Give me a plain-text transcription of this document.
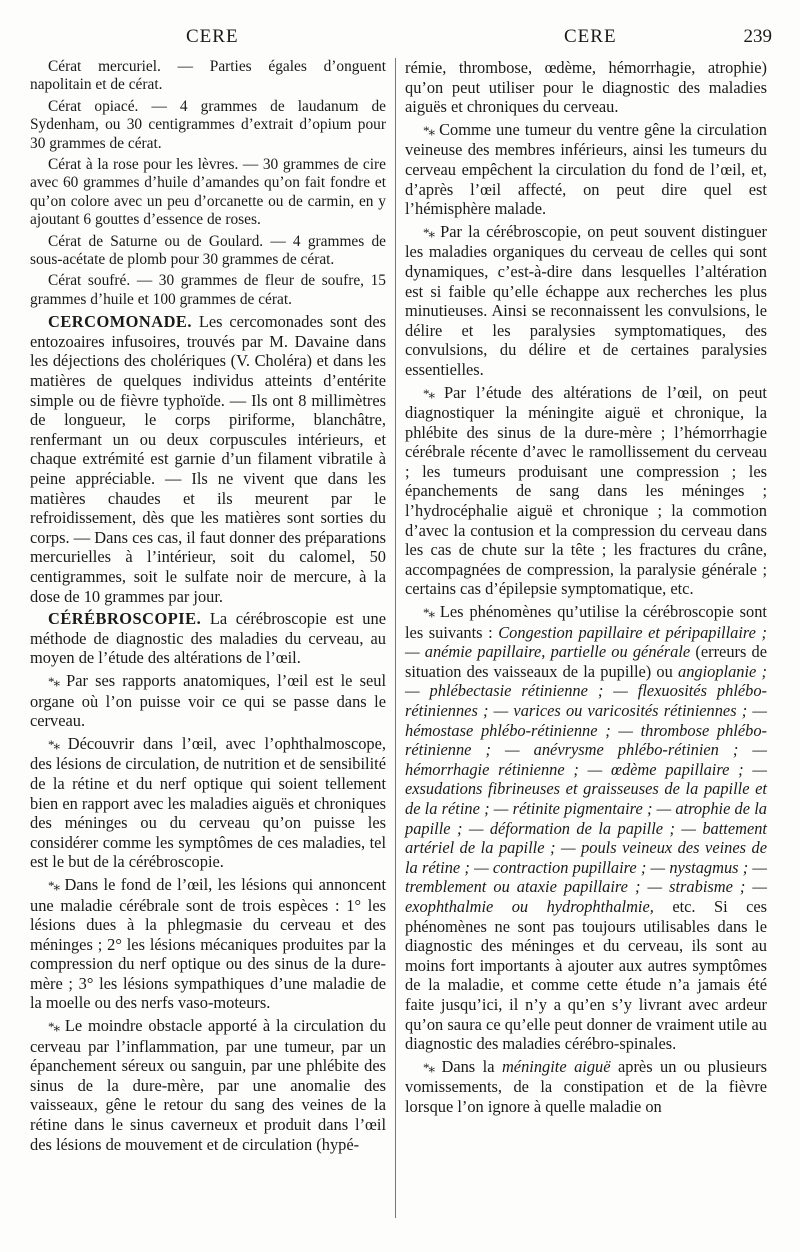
CERE	CERE	239

Cérat mercuriel. — Parties égales d’onguent napolitain et de cérat.

Cérat opiacé. — 4 grammes de laudanum de Sydenham, ou 30 centigrammes d’extrait d’opium pour 30 grammes de cérat.

Cérat à la rose pour les lèvres. — 30 grammes de cire avec 60 grammes d’huile d’amandes qu’on fait fondre et qu’on colore avec un peu d’orcanette ou de carmin, en y ajoutant 6 gouttes d’essence de roses.

Cérat de Saturne ou de Goulard. — 4 grammes de sous-acétate de plomb pour 30 grammes de cérat.

Cérat soufré. — 30 grammes de fleur de soufre, 15 grammes d’huile et 100 grammes de cérat.

CERCOMONADE. Les cercomonades sont des entozoaires infusoires, trouvés par M. Davaine dans les déjections des cholériques (V. Choléra) et dans les matières de quelques individus atteints d’entérite simple ou de fièvre typhoïde. — Ils ont 8 millimètres de longueur, le corps piriforme, blanchâtre, renfermant un ou deux corpuscules intérieurs, et chaque extrémité est garnie d’un filament vibratile à peine appréciable. — Ils ne vivent que dans les matières chaudes et ils meurent par le refroidissement, dès que les matières sont sorties du corps. — Dans ces cas, il faut donner des préparations mercurielles à l’intérieur, soit du calomel, 50 centigrammes, soit le sulfate noir de mercure, à la dose de 10 grammes par jour.

CÉRÉBROSCOPIE. La cérébroscopie est une méthode de diagnostic des maladies du cerveau, au moyen de l’étude des altérations de l’œil.

*⁎ Par ses rapports anatomiques, l’œil est le seul organe où l’on puisse voir ce qui se passe dans le cerveau.

*⁎ Découvrir dans l’œil, avec l’ophthalmoscope, des lésions de circulation, de nutrition et de sensibilité de la rétine et du nerf optique qui soient tellement bien en rapport avec les maladies aiguës et chroniques des méninges ou du cerveau qu’on puisse les considérer comme les symptômes de ces maladies, tel est le but de la cérébroscopie.

*⁎ Dans le fond de l’œil, les lésions qui annoncent une maladie cérébrale sont de trois espèces : 1° les lésions dues à la phlegmasie du cerveau et des méninges ; 2° les lésions mécaniques produites par la compression du nerf optique ou des sinus de la dure-mère ; 3° les lésions sympathiques d’une maladie de la moelle ou des nerfs vaso-moteurs.

*⁎ Le moindre obstacle apporté à la circulation du cerveau par l’inflammation, par une tumeur, par un épanchement séreux ou sanguin, par une phlébite des sinus de la dure-mère, par une anomalie des vaisseaux, gêne le retour du sang des veines de la rétine dans le sinus caverneux et produit dans l’œil des lésions de mouvement et de circulation (hypé-

rémie, thrombose, œdème, hémorrhagie, atrophie) qu’on peut utiliser pour le diagnostic des maladies aiguës et chroniques du cerveau.

*⁎ Comme une tumeur du ventre gêne la circulation veineuse des membres inférieurs, ainsi les tumeurs du cerveau empêchent la circulation du fond de l’œil, et, d’après l’œil affecté, on peut dire quel est l’hémisphère malade.

*⁎ Par la cérébroscopie, on peut souvent distinguer les maladies organiques du cerveau de celles qui sont dynamiques, c’est-à-dire dans lesquelles l’altération est si faible qu’elle échappe aux recherches les plus minutieuses. Ainsi se reconnaissent les convulsions, le délire et les paralysies symptomatiques, des convulsions, du délire et de certaines paralysies essentielles.

*⁎ Par l’étude des altérations de l’œil, on peut diagnostiquer la méningite aiguë et chronique, la phlébite des sinus de la dure-mère ; l’hémorrhagie cérébrale récente d’avec le ramollissement du cerveau ; les tumeurs produisant une compression ; les épanchements de sang dans les méninges ; l’hydrocéphalie aiguë et chronique ; la commotion d’avec la contusion et la compression du cerveau dans les cas de chute sur la tête ; les fractures du crâne, accompagnées de compression, la paralysie générale ; certains cas d’épilepsie symptomatique, etc.

*⁎ Les phénomènes qu’utilise la cérébroscopie sont les suivants : Congestion papillaire et péripapillaire ; — anémie papillaire, partielle ou générale (erreurs de situation des vaisseaux de la pupille) ou angioplanie ; — phlébectasie rétinienne ; — flexuosités phlébo-rétiniennes ; — varices ou varicosités rétiniennes ; — hémostase phlébo-rétinienne ; — thrombose phlébo-rétinienne ; — anévrysme phlébo-rétinien ; — hémorrhagie rétinienne ; — œdème papillaire ; — exsudations fibrineuses et graisseuses de la papille et de la rétine ; — rétinite pigmentaire ; — atrophie de la papille ; — déformation de la papille ; — battement artériel de la papille ; — pouls veineux des veines de la rétine ; — contraction pupillaire ; — nystagmus ; — tremblement ou ataxie papillaire ; — strabisme ; — exophthalmie ou hydrophthalmie, etc. Si ces phénomènes ne sont pas toujours utilisables dans le diagnostic des méninges et du cerveau, ils sont au moins fort importants à ajouter aux autres symptômes de la maladie, et comme cette étude n’a jamais été faite jusqu’ici, il n’y a qu’en s’y livrant avec ardeur qu’on saura ce qu’elle peut donner de vraiment utile au diagnostic des maladies cérébro-spinales.

*⁎ Dans la méningite aiguë après un ou plusieurs vomissements, de la constipation et de la fièvre lorsque l’on ignore à quelle maladie on
